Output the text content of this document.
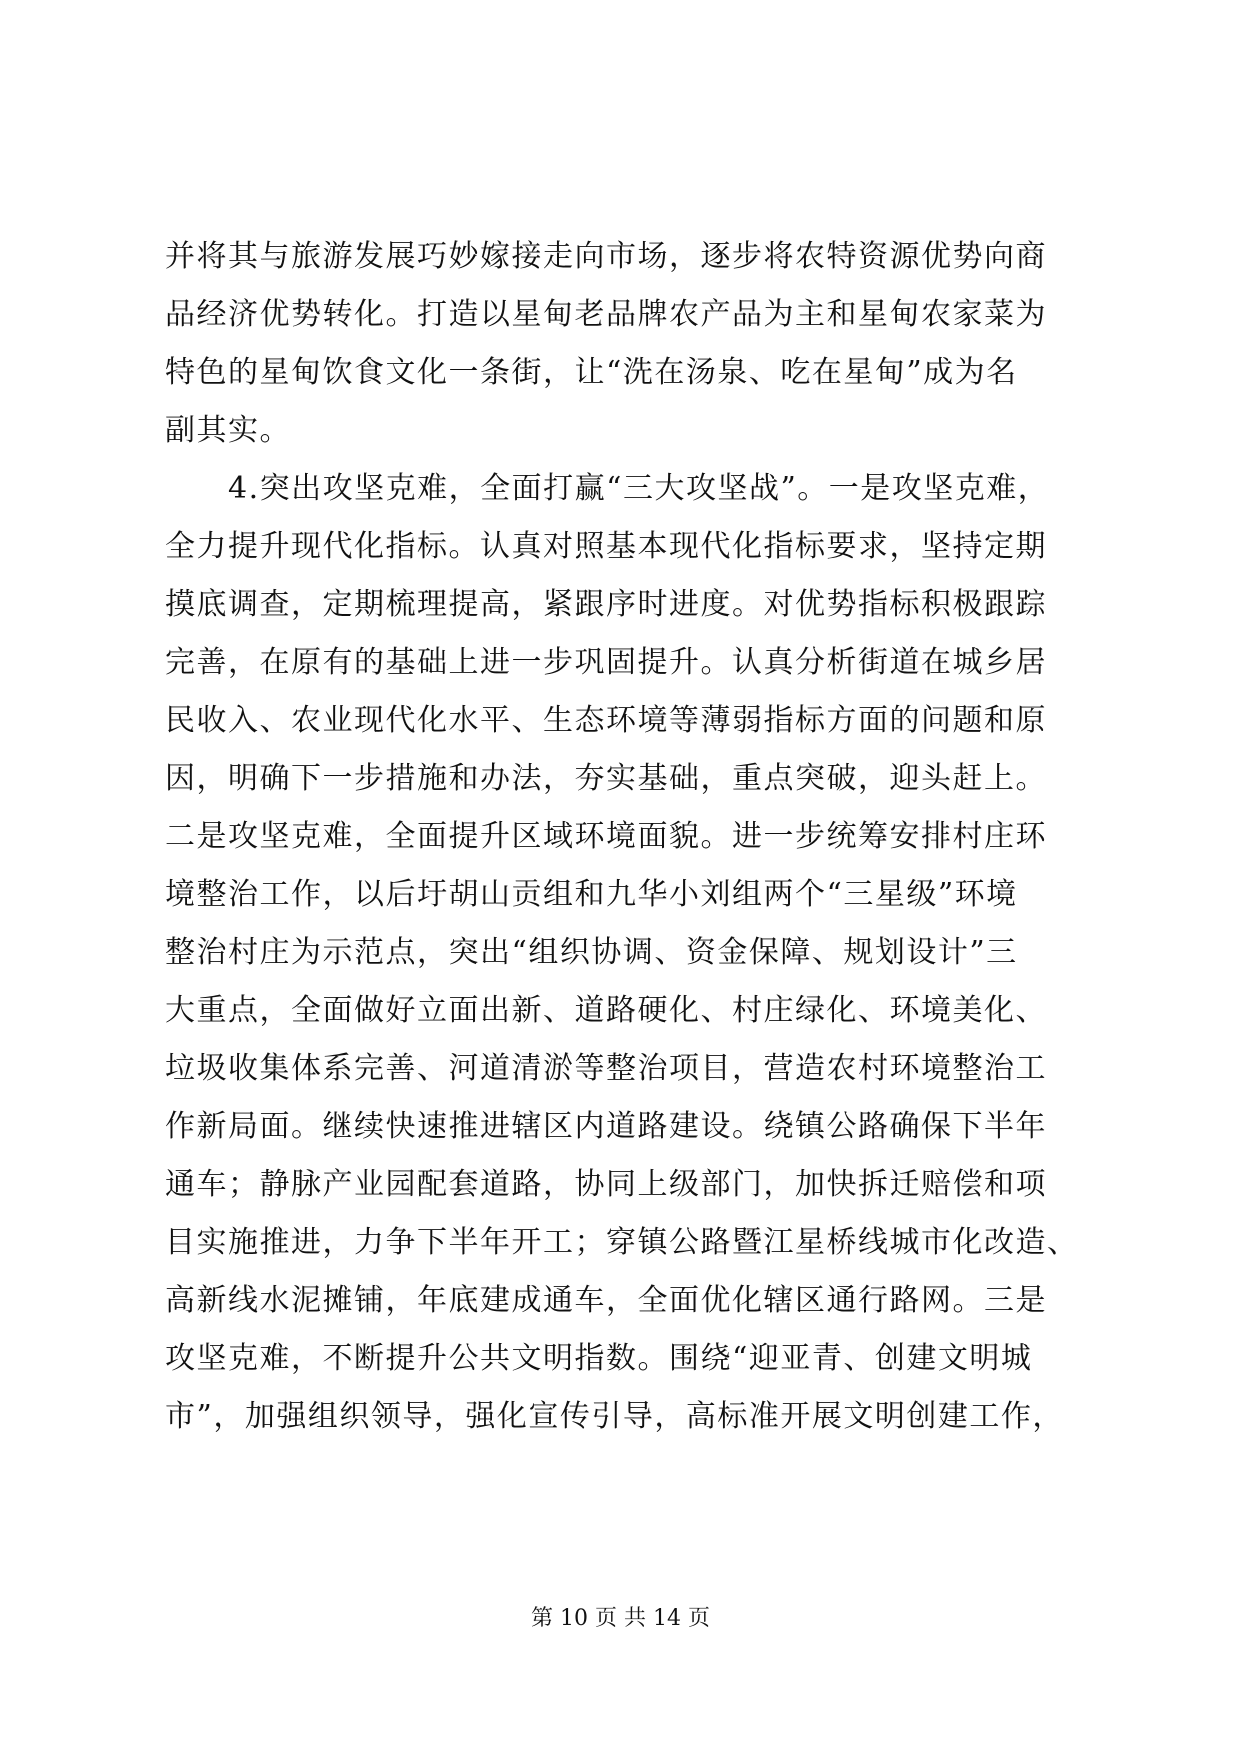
并将其与旅游发展巧妙嫁接走向市场，逐步将农特资源优势向商
品经济优势转化。打造以星甸老品牌农产品为主和星甸农家菜为
特色的星甸饮食文化一条街，让“洗在汤泉、吃在星甸”成为名
副其实。
　　4.突出攻坚克难，全面打赢“三大攻坚战”。一是攻坚克难，
全力提升现代化指标。认真对照基本现代化指标要求，坚持定期
摸底调查，定期梳理提高，紧跟序时进度。对优势指标积极跟踪
完善，在原有的基础上进一步巩固提升。认真分析街道在城乡居
民收入、农业现代化水平、生态环境等薄弱指标方面的问题和原
因，明确下一步措施和办法，夯实基础，重点突破，迎头赶上。
二是攻坚克难，全面提升区域环境面貌。进一步统筹安排村庄环
境整治工作，以后圩胡山贡组和九华小刘组两个“三星级”环境
整治村庄为示范点，突出“组织协调、资金保障、规划设计”三
大重点，全面做好立面出新、道路硬化、村庄绿化、环境美化、
垃圾收集体系完善、河道清淤等整治项目，营造农村环境整治工
作新局面。继续快速推进辖区内道路建设。绕镇公路确保下半年
通车；静脉产业园配套道路，协同上级部门，加快拆迁赔偿和项
目实施推进，力争下半年开工；穿镇公路暨江星桥线城市化改造、
高新线水泥摊铺，年底建成通车，全面优化辖区通行路网。三是
攻坚克难，不断提升公共文明指数。围绕“迎亚青、创建文明城
市”，加强组织领导，强化宣传引导，高标准开展文明创建工作，
第 10 页 共 14 页
